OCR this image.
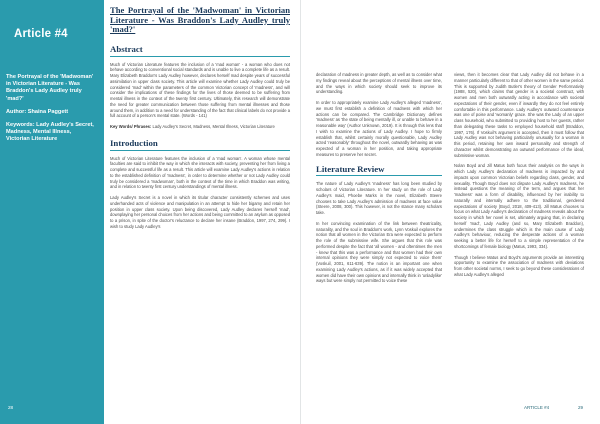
Article #4
The Portrayal of the 'Madwoman' in Victorian Literature - Was Braddon's Lady Audley truly 'mad?'
Author: Shaina Paggett
Keywords: Lady Audley's Secret, Madness, Mental Illness, Victorian Literature
28
The Portrayal of the 'Madwoman' in Victorian Literature - Was Braddon's Lady Audley truly 'mad?'
Abstract

Much of Victorian Literature features the inclusion of a 'mad woman' - a woman who does not behave according to conventional social standards and is unable to live a complete life as a result. Mary Elizabeth Braddon's Lady Audley however, declares herself mad despite years of successful assimilation in upper class society. This article will examine whether Lady Audley could truly be considered 'mad' within the parameters of the common Victorian concept of 'madness', and will consider the implications of these findings for the lives of those deemed to be suffering from mental illness in the context of the twenty first century. Ultimately, this research will demonstrate the need for greater communication between those suffering from mental illnesses and those around them, in addition to a need for understanding of the fact that clinical labels do not provide a full account of a person's mental state. (Words - 141)

Key Words/ Phrases: Lady Audley's Secret, Madness, Mental Illness, Victorian Literature

Introduction

Much of Victorian Literature features the inclusion of a 'mad woman'. A woman whose mental faculties are said to inhibit the way in which she interacts with society, preventing her from living a complete and successful life as a result. This article will examine Lady Audley's actions in relation to the established definition of 'madness', in order to determine whether or not Lady Audley could truly be considered a 'madwoman', both in the context of the time in which Braddon was writing, and in relation to twenty first century understandings of mental illness.

Lady Audley's Secret is a novel in which its titular character consistently schemes and uses underhanded acts of violence and manipulation in an attempt to hide her bigamy and retain her position in upper class society. Upon being discovered, Lady Audley declares herself 'mad', downplaying her personal choices from her actions and being committed to an asylum as opposed to a prison, in spite of the doctor's reluctance to declare her insane (Braddon, 1997, 274, 299). I wish to study Lady Audley's

declaration of madness in greater depth, as well as to consider what my findings reveal about the perceptions of mental illness over time, and the ways in which society should seek to improve its understanding.

In order to appropriately examine Lady Audley's alleged 'madness', we must first establish a definition of madness with which her actions can be compared. The Cambridge Dictionary defines 'madness' as 'the state of being mentally ill, or unable to behave in a reasonable way' (Author Unknown, 2019). It is through this lens that I wish to examine the actions of Lady Audley. I hope to firmly establish that, whilst certainly morally questionable, Lady Audley acted 'reasonably' throughout the novel, outwardly behaving as was expected of a woman in her position, and taking appropriate measures to preserve her secret.

Literature Review

The nature of Lady Audley's 'madness' has long been studied by scholars of Victorian Literature. In her study on the role of Lady Audley's maid, Phoebe Marks in the novel, Elizabeth Steere chooses to take Lady Audley's admission of madness at face value (Steere, 2008, 300). This however, is not the stance many scholars take.

In her convincing examination of the link between theatricality, naturality, and the soul in Braddon's work, Lynn Voskuil explores the notion that all women in the Victorian Era were expected to perform the role of the submissive wife. She argues that this role was performed despite the fact that 'all women - and oftentimes the men - knew that this was a performance and that women had their own internal opinions they were simply not expected to voice them' (Voskuil, 2001, 611-639). The notion is an important one when examining Lady Audley's actions, as if it was widely accepted that women did have their own opinions and internally think in 'unladylike' ways but were simply not permitted to voice these

views, then it becomes clear that Lady Audley did not behave in a manner particularly different to that of other women in the same period. This is supported by Judith Butler's theory of Gender Performativity (1988, 520), which claims that gender is a societal construct, with women and men both outwardly acting in accordance with societal expectations of their gender, even if inwardly they do not feel entirely comfortable in this performance. Lady Audley's outward countenance was one of poise and 'womanly' grace. She was the Lady of an upper class household, who submitted to providing host to her guests, rather than delegating these tasks to employed household staff (Braddon, 1997, 176). If Voskuil's argument is accepted, then it must follow that Lady Audley was not behaving particularly unusually for a woman in this period, retaining her own inward personality and strength of character whilst demonstrating an outward performance of the ideal, submissive woman.

Nolan Boyd and Jill Matus both focus their analysis on the ways in which Lady Audley's declaration of madness is impacted by and impacts upon common Victorian beliefs regarding class, gender, and sexuality. Though Boyd does not dispute Lady Audley's madness, he instead questions the meaning of the term, and argues that her 'madness' was a form of disability, influenced by her inability to naturally and internally adhere to the traditional, gendered expectations of society (Boyd, 2018, 409-413). Jill Matus chooses to focus on what Lady Audley's declaration of madness reveals about the society in which her novel is set, ultimately arguing that, in declaring herself 'mad', Lady Audley (and so, Mary Elizabeth Braddon), undermines the class struggle which is the main cause of Lady Audley's behaviour, reducing the desperate actions of a woman seeking a better life for herself to a simple representation of the shortcomings of female biology (Matus, 1993, 334).

Though I believe Matus and Boyd's arguments provide an interesting opportunity to examine the association of madness with deviations from other societal norms, I seek to go beyond these considerations of what Lady Audley's alleged

ARTICLE #4	29
